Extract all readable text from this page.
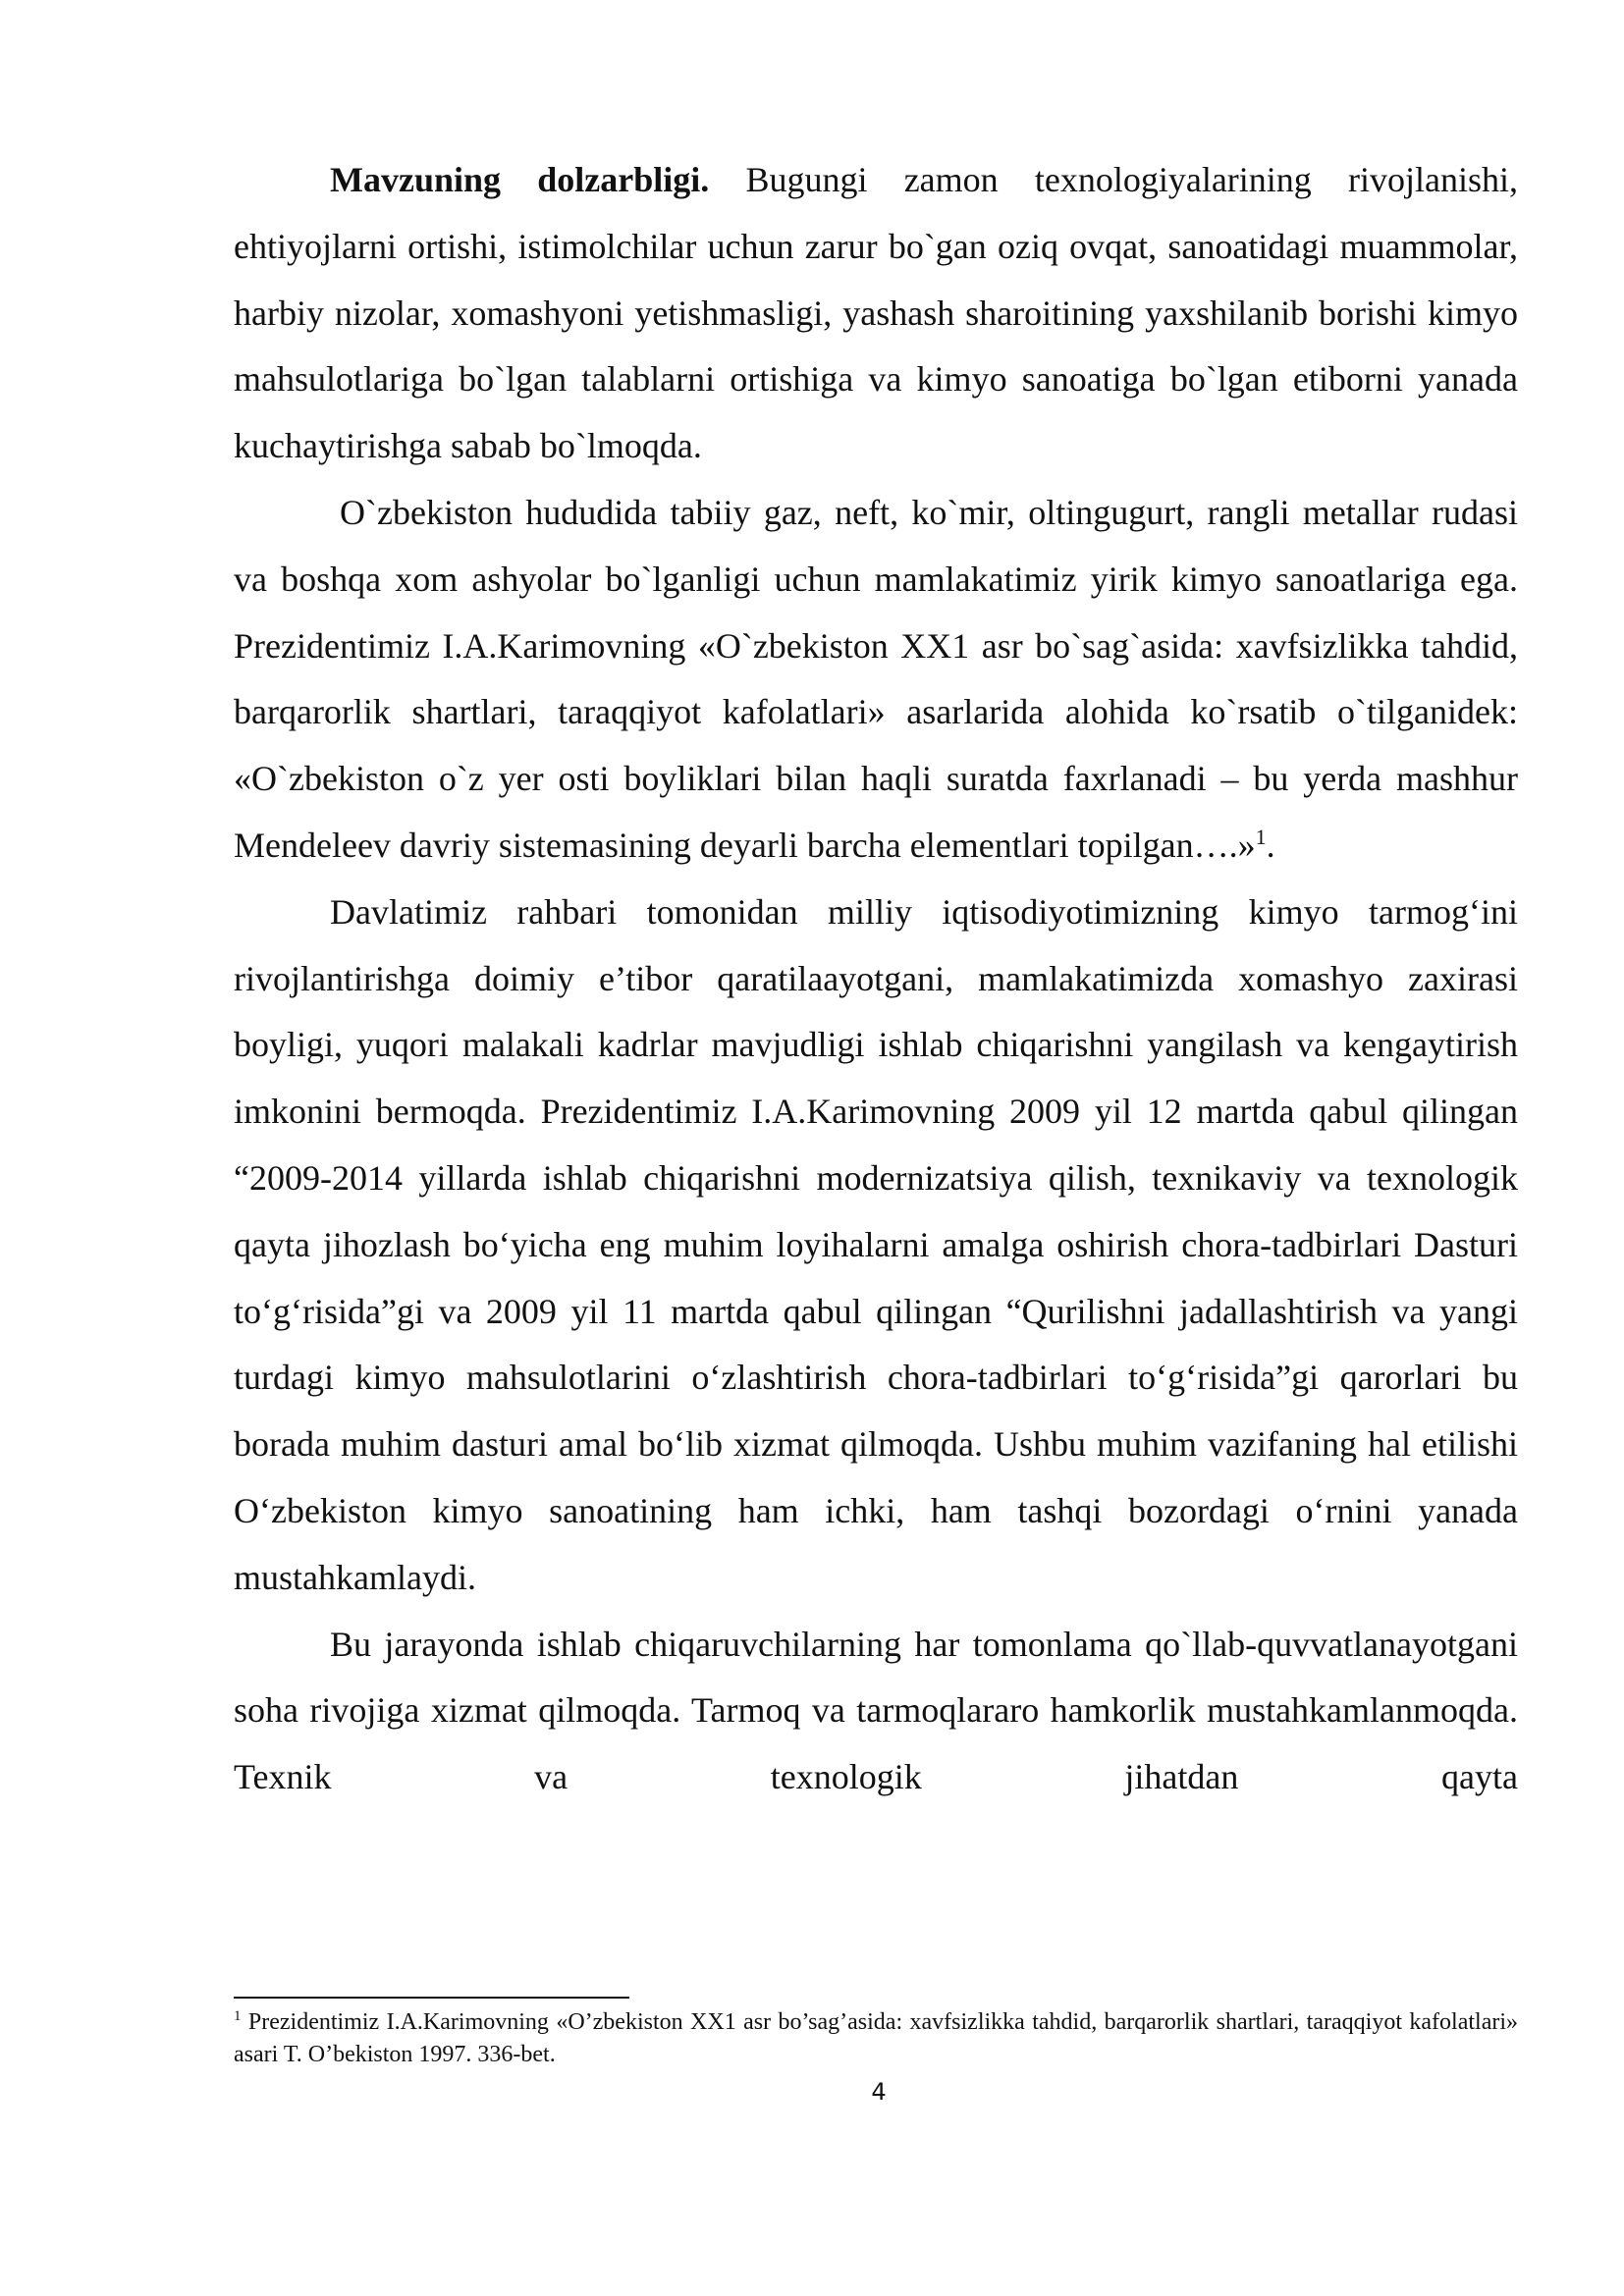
Mavzuning dolzarbligi. Bugungi zamon texnologiyalarining rivojlanishi, ehtiyojlarni ortishi, istimolchilar uchun zarur bo`gan oziq ovqat, sanoatidagi muammolar, harbiy nizolar, xomashyoni yetishmasligi, yashash sharoitining yaxshilanib borishi kimyo mahsulotlariga bo`lgan talablarni ortishiga va kimyo sanoatiga bo`lgan etiborni yanada kuchaytirishga sabab bo`lmoqda.

O`zbekiston hududida tabiiy gaz, neft, ko`mir, oltingugurt, rangli metallar rudasi va boshqa xom ashyolar bo`lganligi uchun mamlakatimiz yirik kimyo sanoatlariga ega. Prezidentimiz I.A.Karimovning «O`zbekiston XX1 asr bo`sag`asida: xavfsizlikka tahdid, barqarorlik shartlari, taraqqiyot kafolatlari» asarlarida alohida ko`rsatib o`tilganidek: «O`zbekiston o`z yer osti boyliklari bilan haqli suratda faxrlanadi – bu yerda mashhur Mendeleev davriy sistemasining deyarli barcha elementlari topilgan….»$^1$.

Davlatimiz rahbari tomonidan milliy iqtisodiyotimizning kimyo tarmog‘ini rivojlantirishga doimiy e’tibor qaratilaayotgani, mamlakatimizda xomashyo zaxirasi boyligi, yuqori malakali kadrlar mavjudligi ishlab chiqarishni yangilash va kengaytirish imkonini bermoqda. Prezidentimiz I.A.Karimovning 2009 yil 12 martda qabul qilingan “2009-2014 yillarda ishlab chiqarishni modernizatsiya qilish, texnikaviy va texnologik qayta jihozlash bo‘yicha eng muhim loyihalarni amalga oshirish chora-tadbirlari Dasturi to‘g‘risida”gi va 2009 yil 11 martda qabul qilingan “Qurilishni jadallashtirish va yangi turdagi kimyo mahsulotlarini o‘zlashtirish chora-tadbirlari to‘g‘risida”gi qarorlari bu borada muhim dasturi amal bo‘lib xizmat qilmoqda. Ushbu muhim vazifaning hal etilishi O‘zbekiston kimyo sanoatining ham ichki, ham tashqi bozordagi o‘rnini yanada mustahkamlaydi.

Bu jarayonda ishlab chiqaruvchilarning har tomonlama qo`llab-quvvatlanayotgani soha rivojiga xizmat qilmoqda. Tarmoq va tarmoqlararo hamkorlik mustahkamlanmoqda. Texnik va texnologik jihatdan qayta

$^1$ Prezidentimiz I.A.Karimovning «O’zbekiston XX1 asr bo’sag’asida: xavfsizlikka tahdid, barqarorlik shartlari, taraqqiyot kafolatlari» asari T. O’bekiston 1997. 336-bet.

4
